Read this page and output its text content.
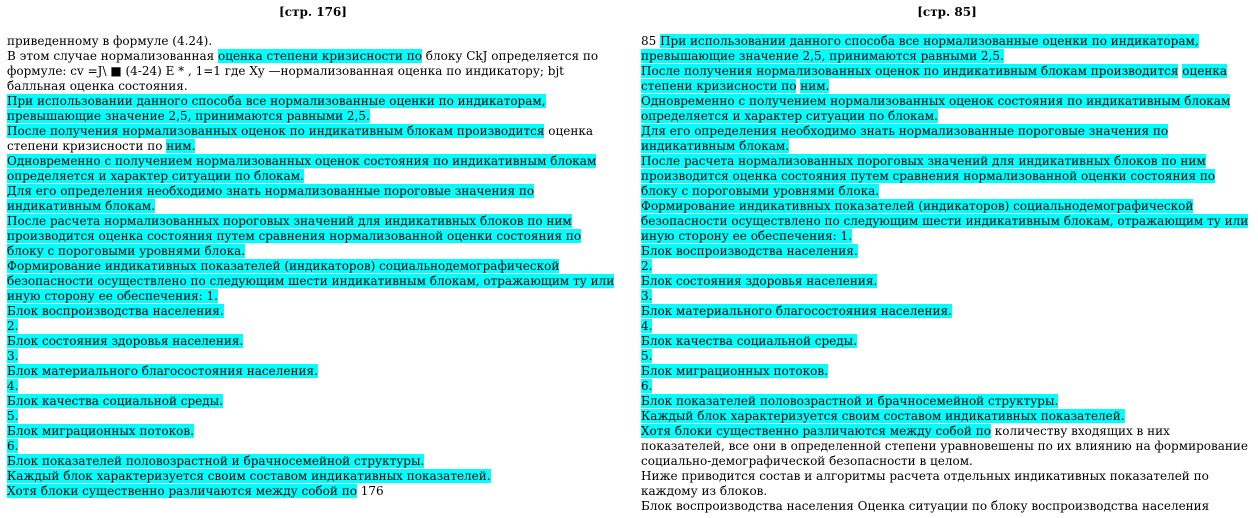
[стр. 176]
приведенному в формуле (4.24).
В этом случае нормализованная оценка степени кризисности по блоку CkJ определяется по формуле: cv =J\ ■ (4-24) E * , 1=1 где Xy —нормализованная оценка по индикатору; bjt балльная оценка состояния.
При использовании данного способа все нормализованные оценки по индикаторам, превышающие значение 2,5, принимаются равными 2,5.
После получения нормализованных оценок по индикативным блокам производится оценка степени кризисности по ним.
Одновременно с получением нормализованных оценок состояния по индикативным блокам определяется и характер ситуации по блокам.
Для его определения необходимо знать нормализованные пороговые значения по индикативным блокам.
После расчета нормализованных пороговых значений для индикативных блоков по ним производится оценка состояния путем сравнения нормализованной оценки состояния по блоку с пороговыми уровнями блока.
Формирование индикативных показателей (индикаторов) социальнодемографической безопасности осуществлено по следующим шести индикативным блокам, отражающим ту или иную сторону ее обеспечения: 1.
Блок воспроизводства населения.
2.
Блок состояния здоровья населения.
3.
Блок материального благосостояния населения.
4.
Блок качества социальной среды.
5.
Блок миграционных потоков.
6.
Блок показателей половозрастной и брачносемейной структуры.
Каждый блок характеризуется своим составом индикативных показателей.
Хотя блоки существенно различаются между собой по 176
[стр. 85]
85 При использовании данного способа все нормализованные оценки по индикаторам, превышающие значение 2,5, принимаются равными 2,5.
После получения нормализованных оценок по индикативным блокам производится оценка степени кризисности по ним.
Одновременно с получением нормализованных оценок состояния по индикативным блокам определяется и характер ситуации по блокам.
Для его определения необходимо знать нормализованные пороговые значения по индикативным блокам.
После расчета нормализованных пороговых значений для индикативных блоков по ним производится оценка состояния путем сравнения нормализованной оценки состояния по блоку с пороговыми уровнями блока.
Формирование индикативных показателей (индикаторов) социальнодемографической безопасности осуществлено по следующим шести индикативным блокам, отражающим ту или иную сторону ее обеспечения: 1.
Блок воспроизводства населения.
2.
Блок состояния здоровья населения.
3.
Блок материального благосостояния населения.
4.
Блок качества социальной среды.
5.
Блок миграционных потоков.
6.
Блок показателей половозрастной и брачносемейной структуры.
Каждый блок характеризуется своим составом индикативных показателей.
Хотя блоки существенно различаются между собой по количеству входящих в них показателей, все они в определенной степени уравновешены по их влиянию на формирование социально-демографической безопасности в целом.
Ниже приводится состав и алгоритмы расчета отдельных индикативных показателей по каждому из блоков.
Блок воспроизводства населения Оценка ситуации по блоку воспроизводства населения
